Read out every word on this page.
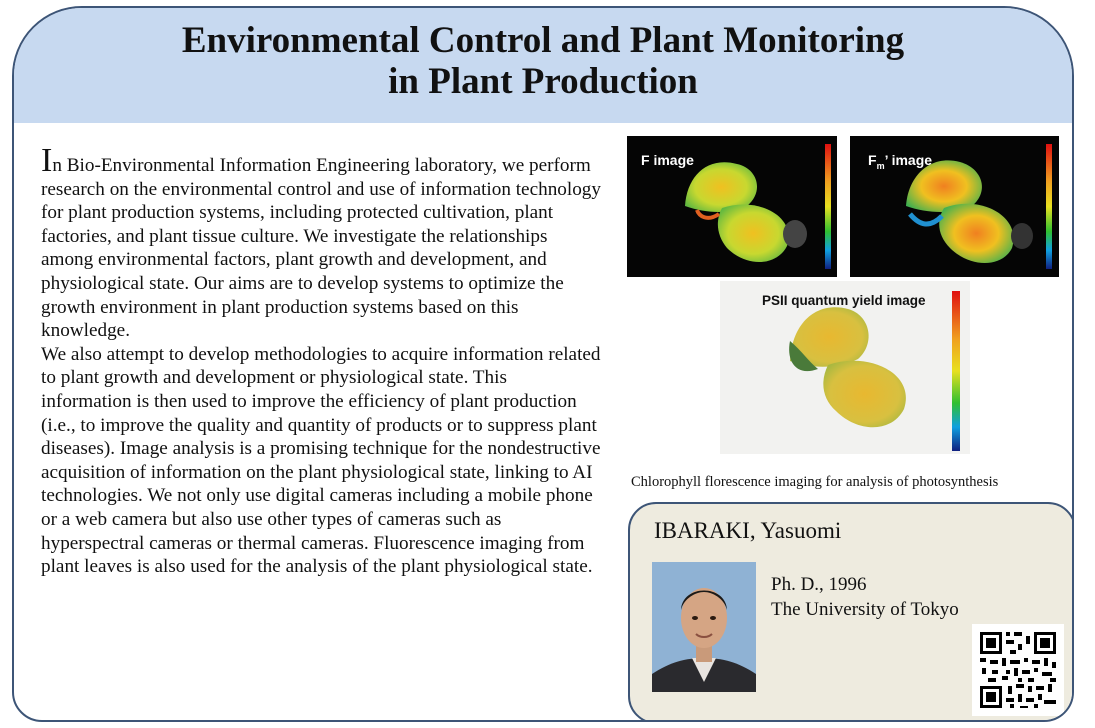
Environmental Control and Plant Monitoring
in Plant Production

In Bio-Environmental Information Engineering laboratory, we perform research on the environmental control and use of information technology for plant production systems, including protected cultivation, plant factories, and plant tissue culture. We investigate the relationships among environmental factors, plant growth and development, and physiological state. Our aims are to develop systems to optimize the growth environment in plant production systems based on this knowledge.

We also attempt to develop methodologies to acquire information related to plant growth and development or physiological state. This information is then used to improve the efficiency of plant production (i.e., to improve the quality and quantity of products or to suppress plant diseases). Image analysis is a promising technique for the nondestructive acquisition of information on the plant physiological state, linking to AI technologies. We not only use digital cameras including a mobile phone or a web camera but also use other types of cameras such as hyperspectral cameras or thermal cameras. Fluorescence imaging from plant leaves is also used for the analysis of the plant physiological state.

F image	$F_m$’ image
PSII quantum yield image
Chlorophyll florescence imaging for analysis of photosynthesis
IBARAKI, Yasuomi
Ph. D., 1996
The University of Tokyo
